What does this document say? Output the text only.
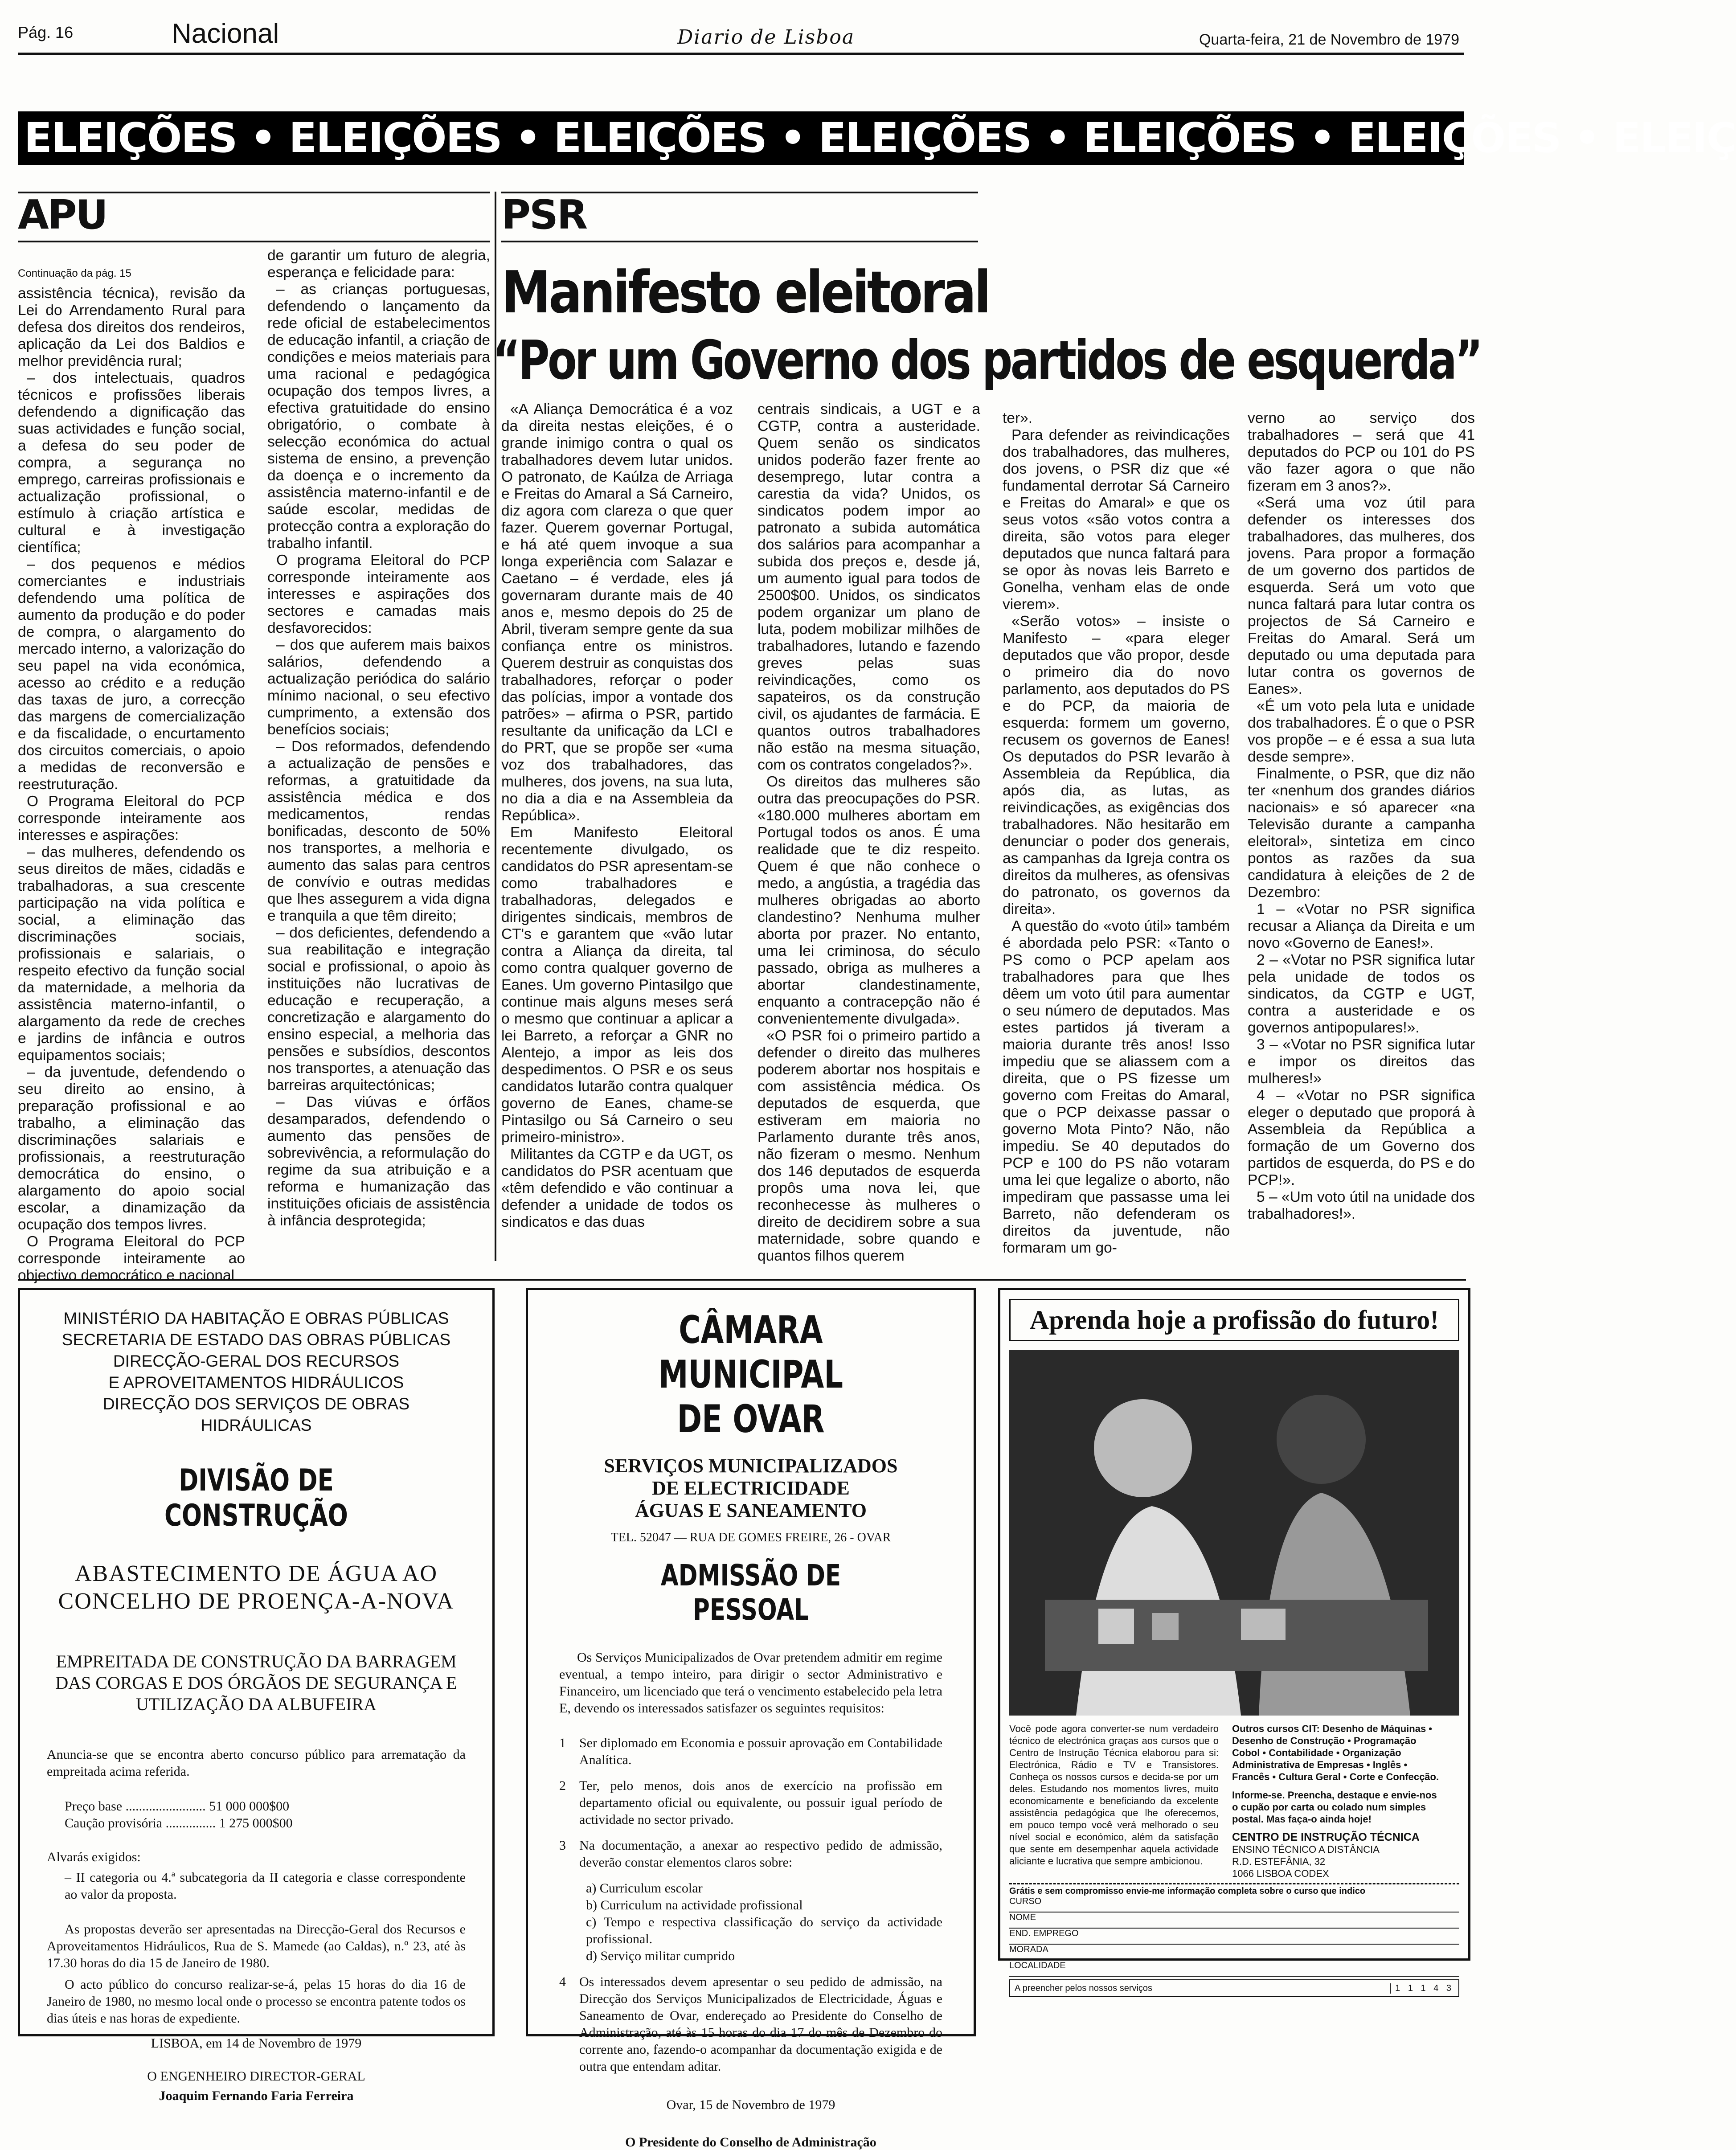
Pág. 16	Nacional	Diario de Lisboa	Quarta-feira, 21 de Novembro de 1979
ELEIÇÕES • ELEIÇÕES • ELEIÇÕES • ELEIÇÕES • ELEIÇÕES • ELEIÇÕES • ELEIÇ
APU
Continuação da pág. 15

assistência técnica), revisão da Lei do Arrendamento Rural para defesa dos direitos dos rendeiros, aplicação da Lei dos Baldios e melhor previdência rural;

– dos intelectuais, quadros técnicos e profissões liberais defendendo a dignificação das suas actividades e função social, a defesa do seu poder de compra, a segurança no emprego, carreiras profissionais e actualização profissional, o estímulo à criação artística e cultural e à investigação científica;

– dos pequenos e médios comerciantes e industriais defendendo uma política de aumento da produção e do poder de compra, o alargamento do mercado interno, a valorização do seu papel na vida económica, acesso ao crédito e a redução das taxas de juro, a correcção das margens de comercialização e da fiscalidade, o encurtamento dos circuitos comerciais, o apoio a medidas de reconversão e reestruturação.

O Programa Eleitoral do PCP corresponde inteiramente aos interesses e aspirações:

– das mulheres, defendendo os seus direitos de mães, cidadãs e trabalhadoras, a sua crescente participação na vida política e social, a eliminação das discriminações sociais, profissionais e salariais, o respeito efectivo da função social da maternidade, a melhoria da assistência materno-infantil, o alargamento da rede de creches e jardins de infância e outros equipamentos sociais;

– da juventude, defendendo o seu direito ao ensino, à preparação profissional e ao trabalho, a eliminação das discriminações salariais e profissionais, a reestruturação democrática do ensino, o alargamento do apoio social escolar, a dinamização da ocupação dos tempos livres.

O Programa Eleitoral do PCP corresponde inteiramente ao objectivo democrático e nacional

de garantir um futuro de alegria, esperança e felicidade para:

– as crianças portuguesas, defendendo o lançamento da rede oficial de estabelecimentos de educação infantil, a criação de condições e meios materiais para uma racional e pedagógica ocupação dos tempos livres, a efectiva gratuitidade do ensino obrigatório, o combate à selecção económica do actual sistema de ensino, a prevenção da doença e o incremento da assistência materno-infantil e de saúde escolar, medidas de protecção contra a exploração do trabalho infantil.

O programa Eleitoral do PCP corresponde inteiramente aos interesses e aspirações dos sectores e camadas mais desfavorecidos:

– dos que auferem mais baixos salários, defendendo a actualização periódica do salário mínimo nacional, o seu efectivo cumprimento, a extensão dos benefícios sociais;

– Dos reformados, defendendo a actualização de pensões e reformas, a gratuitidade da assistência médica e dos medicamentos, rendas bonificadas, desconto de 50% nos transportes, a melhoria e aumento das salas para centros de convívio e outras medidas que lhes assegurem a vida digna e tranquila a que têm direito;

– dos deficientes, defendendo a sua reabilitação e integração social e profissional, o apoio às instituições não lucrativas de educação e recuperação, a concretização e alargamento do ensino especial, a melhoria das pensões e subsídios, descontos nos transportes, a atenuação das barreiras arquitectónicas;

– Das viúvas e órfãos desamparados, defendendo o aumento das pensões de sobrevivência, a reformulação do regime da sua atribuição e a reforma e humanização das instituições oficiais de assistência à infância desprotegida;

PSR
Manifesto eleitoral
“Por um Governo dos partidos de esquerda”

«A Aliança Democrática é a voz da direita nestas eleições, é o grande inimigo contra o qual os trabalhadores devem lutar unidos. O patronato, de Kaúlza de Arriaga e Freitas do Amaral a Sá Carneiro, diz agora com clareza o que quer fazer. Querem governar Portugal, e há até quem invoque a sua longa experiência com Salazar e Caetano – é verdade, eles já governaram durante mais de 40 anos e, mesmo depois do 25 de Abril, tiveram sempre gente da sua confiança entre os ministros. Querem destruir as conquistas dos trabalhadores, reforçar o poder das polícias, impor a vontade dos patrões» – afirma o PSR, partido resultante da unificação da LCI e do PRT, que se propõe ser «uma voz dos trabalhadores, das mulheres, dos jovens, na sua luta, no dia a dia e na Assembleia da República».

Em Manifesto Eleitoral recentemente divulgado, os candidatos do PSR apresentam-se como trabalhadores e trabalhadoras, delegados e dirigentes sindicais, membros de CT's e garantem que «vão lutar contra a Aliança da direita, tal como contra qualquer governo de Eanes. Um governo Pintasilgo que continue mais alguns meses será o mesmo que continuar a aplicar a lei Barreto, a reforçar a GNR no Alentejo, a impor as leis dos despedimentos. O PSR e os seus candidatos lutarão contra qualquer governo de Eanes, chame-se Pintasilgo ou Sá Carneiro o seu primeiro-ministro».

Militantes da CGTP e da UGT, os candidatos do PSR acentuam que «têm defendido e vão continuar a defender a unidade de todos os sindicatos e das duas

centrais sindicais, a UGT e a CGTP, contra a austeridade. Quem senão os sindicatos unidos poderão fazer frente ao desemprego, lutar contra a carestia da vida? Unidos, os sindicatos podem impor ao patronato a subida automática dos salários para acompanhar a subida dos preços e, desde já, um aumento igual para todos de 2500$00. Unidos, os sindicatos podem organizar um plano de luta, podem mobilizar milhões de trabalhadores, lutando e fazendo greves pelas suas reivindicações, como os sapateiros, os da construção civil, os ajudantes de farmácia. E quantos outros trabalhadores não estão na mesma situação, com os contratos congelados?».

Os direitos das mulheres são outra das preocupações do PSR. «180.000 mulheres abortam em Portugal todos os anos. É uma realidade que te diz respeito. Quem é que não conhece o medo, a angústia, a tragédia das mulheres obrigadas ao aborto clandestino? Nenhuma mulher aborta por prazer. No entanto, uma lei criminosa, do século passado, obriga as mulheres a abortar clandestinamente, enquanto a contracepção não é convenientemente divulgada».

«O PSR foi o primeiro partido a defender o direito das mulheres poderem abortar nos hospitais e com assistência médica. Os deputados de esquerda, que estiveram em maioria no Parlamento durante três anos, não fizeram o mesmo. Nenhum dos 146 deputados de esquerda propôs uma nova lei, que reconhecesse às mulheres o direito de decidirem sobre a sua maternidade, sobre quando e quantos filhos querem

ter».

Para defender as reivindicações dos trabalhadores, das mulheres, dos jovens, o PSR diz que «é fundamental derrotar Sá Carneiro e Freitas do Amaral» e que os seus votos «são votos contra a direita, são votos para eleger deputados que nunca faltará para se opor às novas leis Barreto e Gonelha, venham elas de onde vierem».

«Serão votos» – insiste o Manifesto – «para eleger deputados que vão propor, desde o primeiro dia do novo parlamento, aos deputados do PS e do PCP, da maioria de esquerda: formem um governo, recusem os governos de Eanes! Os deputados do PSR levarão à Assembleia da República, dia após dia, as lutas, as reivindicações, as exigências dos trabalhadores. Não hesitarão em denunciar o poder dos generais, as campanhas da Igreja contra os direitos da mulheres, as ofensivas do patronato, os governos da direita».

A questão do «voto útil» também é abordada pelo PSR: «Tanto o PS como o PCP apelam aos trabalhadores para que lhes dêem um voto útil para aumentar o seu número de deputados. Mas estes partidos já tiveram a maioria durante três anos! Isso impediu que se aliassem com a direita, que o PS fizesse um governo com Freitas do Amaral, que o PCP deixasse passar o governo Mota Pinto? Não, não impediu. Se 40 deputados do PCP e 100 do PS não votaram uma lei que legalize o aborto, não impediram que passasse uma lei Barreto, não defenderam os direitos da juventude, não formaram um go-

verno ao serviço dos trabalhadores – será que 41 deputados do PCP ou 101 do PS vão fazer agora o que não fizeram em 3 anos?».

«Será uma voz útil para defender os interesses dos trabalhadores, das mulheres, dos jovens. Para propor a formação de um governo dos partidos de esquerda. Será um voto que nunca faltará para lutar contra os projectos de Sá Carneiro e Freitas do Amaral. Será um deputado ou uma deputada para lutar contra os governos de Eanes».

«É um voto pela luta e unidade dos trabalhadores. É o que o PSR vos propõe – e é essa a sua luta desde sempre».

Finalmente, o PSR, que diz não ter «nenhum dos grandes diários nacionais» e só aparecer «na Televisão durante a campanha eleitoral», sintetiza em cinco pontos as razões da sua candidatura à eleições de 2 de Dezembro:

1 – «Votar no PSR significa recusar a Aliança da Direita e um novo «Governo de Eanes!».

2 – «Votar no PSR significa lutar pela unidade de todos os sindicatos, da CGTP e UGT, contra a austeridade e os governos antipopulares!».

3 – «Votar no PSR significa lutar e impor os direitos das mulheres!»

4 – «Votar no PSR significa eleger o deputado que proporá à Assembleia da República a formação de um Governo dos partidos de esquerda, do PS e do PCP!».

5 – «Um voto útil na unidade dos trabalhadores!».

MINISTÉRIO DA HABITAÇÃO E OBRAS PÚBLICAS
SECRETARIA DE ESTADO DAS OBRAS PÚBLICAS
DIRECÇÃO-GERAL DOS RECURSOS
E APROVEITAMENTOS HIDRÁULICOS
DIRECÇÃO DOS SERVIÇOS DE OBRAS HIDRÁULICAS
DIVISÃO DE CONSTRUÇÃO
ABASTECIMENTO DE ÁGUA AO CONCELHO DE PROENÇA-A-NOVA
EMPREITADA DE CONSTRUÇÃO DA BARRAGEM DAS CORGAS E DOS ÓRGÃOS DE SEGURANÇA E UTILIZAÇÃO DA ALBUFEIRA
Anuncia-se que se encontra aberto concurso público para arrematação da empreitada acima referida.
Preço base ........................ 51 000 000$00
Caução provisória ............... 1 275 000$00
Alvarás exigidos:
– II categoria ou 4.ª subcategoria da II categoria e classe correspondente ao valor da proposta.
As propostas deverão ser apresentadas na Direcção-Geral dos Recursos e Aproveitamentos Hidráulicos, Rua de S. Mamede (ao Caldas), n.º 23, até às 17.30 horas do dia 15 de Janeiro de 1980.
O acto público do concurso realizar-se-á, pelas 15 horas do dia 16 de Janeiro de 1980, no mesmo local onde o processo se encontra patente todos os dias úteis e nas horas de expediente.
LISBOA, em 14 de Novembro de 1979
O ENGENHEIRO DIRECTOR-GERAL
Joaquim Fernando Faria Ferreira
CÂMARA MUNICIPAL
DE OVAR
SERVIÇOS MUNICIPALIZADOS
DE ELECTRICIDADE
ÁGUAS E SANEAMENTO
TEL. 52047 — RUA DE GOMES FREIRE, 26 - OVAR
ADMISSÃO DE PESSOAL
Os Serviços Municipalizados de Ovar pretendem admitir em regime eventual, a tempo inteiro, para dirigir o sector Administrativo e Financeiro, um licenciado que terá o vencimento estabelecido pela letra E, devendo os interessados satisfazer os seguintes requisitos:
1 Ser diplomado em Economia e possuir aprovação em Contabilidade Analítica.
2 Ter, pelo menos, dois anos de exercício na profissão em departamento oficial ou equivalente, ou possuir igual período de actividade no sector privado.
3 Na documentação, a anexar ao respectivo pedido de admissão, deverão constar elementos claros sobre:
a) Curriculum escolar
b) Curriculum na actividade profissional
c) Tempo e respectiva classificação do serviço da actividade profissional.
d) Serviço militar cumprido
4 Os interessados devem apresentar o seu pedido de admissão, na Direcção dos Serviços Municipalizados de Electricidade, Águas e Saneamento de Ovar, endereçado ao Presidente do Conselho de Administração, até às 15 horas do dia 17 do mês de Dezembro do corrente ano, fazendo-o acompanhar da documentação exigida e de outra que entendam aditar.
Ovar, 15 de Novembro de 1979
O Presidente do Conselho de Administração
Aprenda hoje a profissão do futuro!
Você pode agora converter-se num verdadeiro técnico de electrónica graças aos cursos que o Centro de Instrução Técnica elaborou para si: Electrónica, Rádio e TV e Transistores. Conheça os nossos cursos e decida-se por um deles. Estudando nos momentos livres, muito economicamente e beneficiando da excelente assistência pedagógica que lhe oferecemos, em pouco tempo você verá melhorado o seu nível social e económico, além da satisfação que sente em desempenhar aquela actividade aliciante e lucrativa que sempre ambicionou.
Outros cursos CIT: Desenho de Máquinas • Desenho de Construção • Programação Cobol • Contabilidade • Organização Administrativa de Empresas • Inglês • Francês • Cultura Geral • Corte e Confecção.
Informe-se. Preencha, destaque e envie-nos o cupão por carta ou colado num simples postal. Mas faça-o ainda hoje!
CENTRO DE INSTRUÇÃO TÉCNICA
ENSINO TÉCNICO A DISTÂNCIA
R.D. ESTEFÂNIA, 32
1066 LISBOA CODEX
Grátis e sem compromisso envie-me informação completa sobre o curso que indico
CURSO
NOME
END. EMPREGO
MORADA
LOCALIDADE
A preencher pelos nossos serviços	1 1 1 4 3
